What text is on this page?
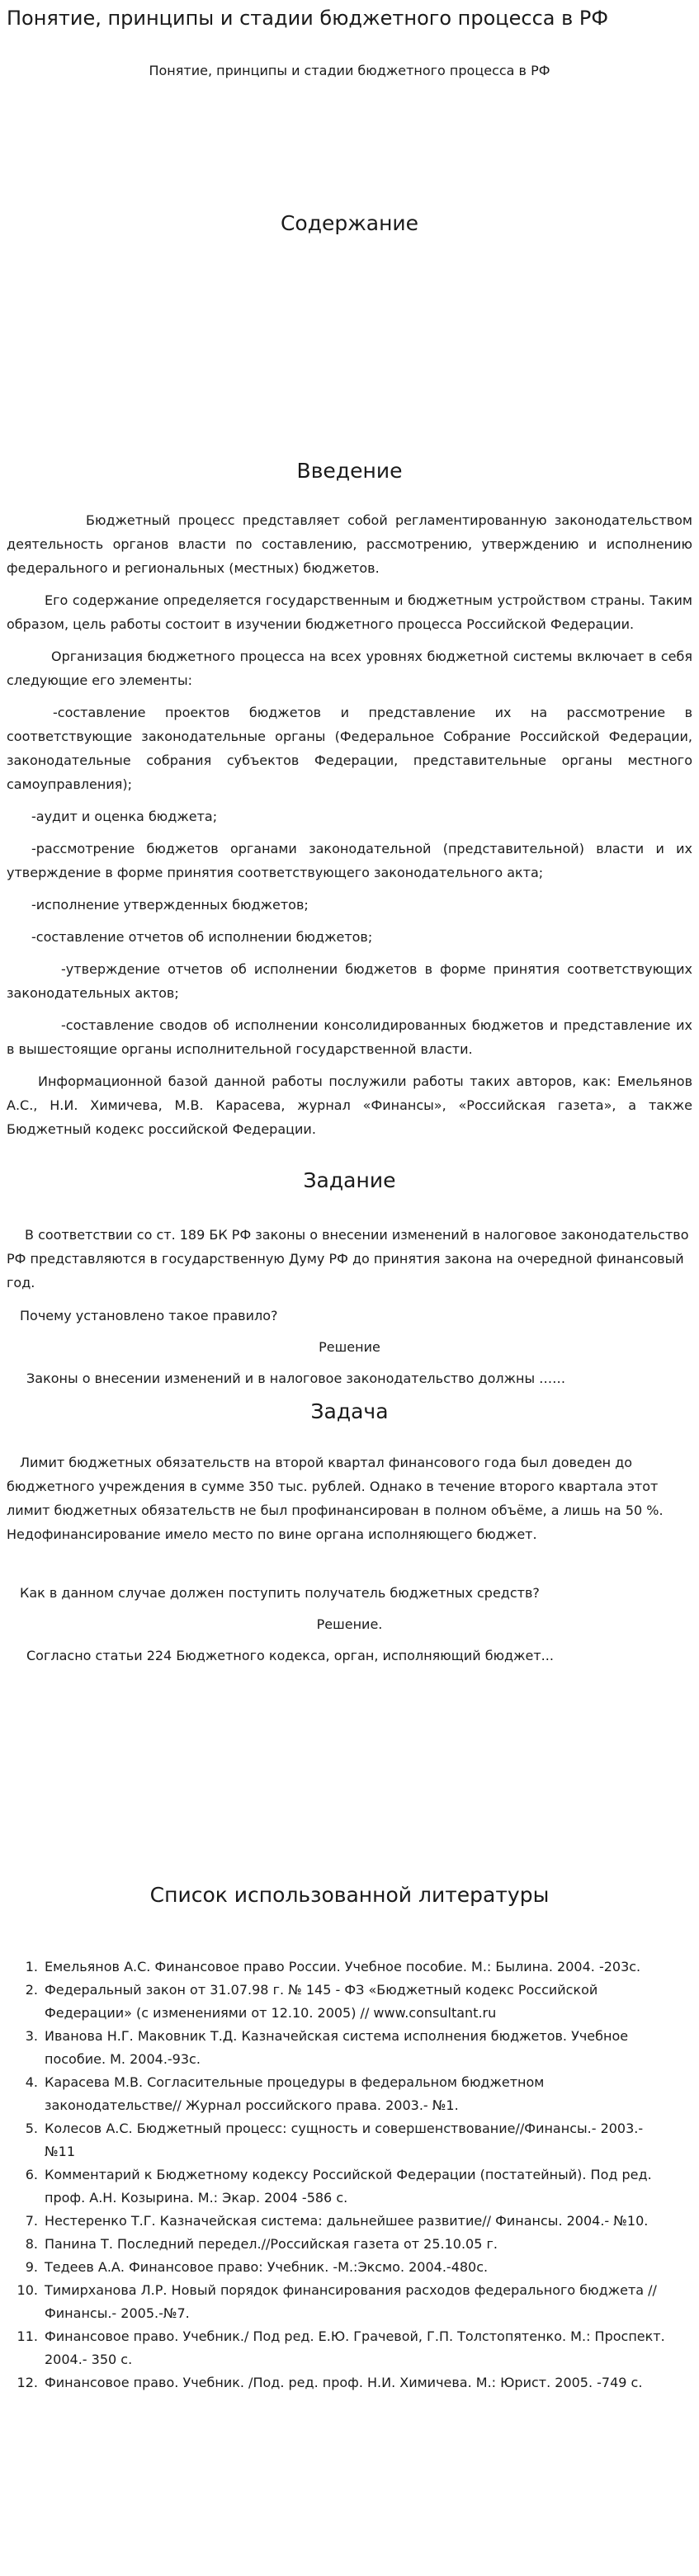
Понятие, принципы и стадии бюджетного процесса в РФ

Понятие, принципы и стадии бюджетного процесса в РФ

Содержание
Введение

Бюджетный процесс представляет собой регламентированную законодательством деятельность органов власти по составлению, рассмотрению, утверждению и исполнению федерального и региональных (местных) бюджетов.

Его содержание определяется государственным и бюджетным устройством страны. Таким образом, цель работы состоит в изучении бюджетного процесса Российской Федерации.

Организация бюджетного процесса на всех уровнях бюджетной системы включает в себя следующие его элементы:

-составление проектов бюджетов и представление их на рассмотрение в соответствующие законодательные органы (Федеральное Собрание Российской Федерации, законодательные собрания субъектов Федерации, представительные органы местного самоуправления);

-аудит и оценка бюджета;

-рассмотрение бюджетов органами законодательной (представительной) власти и их утверждение в форме принятия соответствующего законодательного акта;

-исполнение утвержденных бюджетов;

-составление отчетов об исполнении бюджетов;

-утверждение отчетов об исполнении бюджетов в форме принятия соответствующих законодательных актов;

-составление сводов об исполнении консолидированных бюджетов и представление их в вышестоящие органы исполнительной государственной власти.

Информационной базой данной работы послужили работы таких авторов, как: Емельянов А.С., Н.И. Химичева, М.В. Карасева, журнал «Финансы», «Российская газета», а также Бюджетный кодекс российской Федерации.

Задание

В соответствии со ст. 189 БК РФ законы о внесении изменений в налоговое законодательство РФ представляются в государственную Думу РФ до принятия закона на очередной финансовый год.

Почему установлено такое правило?

Решение

Законы о внесении изменений и в налоговое законодательство должны ……

Задача

Лимит бюджетных обязательств на второй квартал финансового года был доведен до бюджетного учреждения в сумме 350 тыс. рублей. Однако в течение второго квартала этот лимит бюджетных обязательств не был профинансирован в полном объёме, а лишь на 50 %. Недофинансирование имело место по вине органа исполняющего бюджет.

Как в данном случае должен поступить получатель бюджетных средств?

Решение.

Согласно статьи 224 Бюджетного кодекса, орган, исполняющий бюджет...

Список использованной литературы
1. Емельянов А.С. Финансовое право России. Учебное пособие. М.: Былина. 2004. -203с.
2. Федеральный закон от 31.07.98 г. № 145 - ФЗ «Бюджетный кодекс Российской Федерации» (с изменениями от 12.10. 2005) // www.consultant.ru
3. Иванова Н.Г. Маковник Т.Д. Казначейская система исполнения бюджетов. Учебное пособие. М. 2004.-93с.
4. Карасева М.В. Согласительные процедуры в федеральном бюджетном законодательстве// Журнал российского права. 2003.- №1.
5. Колесов А.С. Бюджетный процесс: сущность и совершенствование//Финансы.- 2003.- №11
6. Комментарий к Бюджетному кодексу Российской Федерации (постатейный). Под ред. проф. А.Н. Козырина. М.: Экар. 2004 -586 с.
7. Нестеренко Т.Г. Казначейская система: дальнейшее развитие// Финансы. 2004.- №10.
8. Панина Т. Последний передел.//Российская газета от 25.10.05 г.
9. Тедеев А.А. Финансовое право: Учебник. -М.:Эксмо. 2004.-480с.
10. Тимирханова Л.Р. Новый порядок финансирования расходов федерального бюджета //Финансы.- 2005.-№7.
11. Финансовое право. Учебник./ Под ред. Е.Ю. Грачевой, Г.П. Толстопятенко. М.: Проспект. 2004.- 350 с.
12. Финансовое право. Учебник. /Под. ред. проф. Н.И. Химичева. М.: Юрист. 2005. -749 с.
